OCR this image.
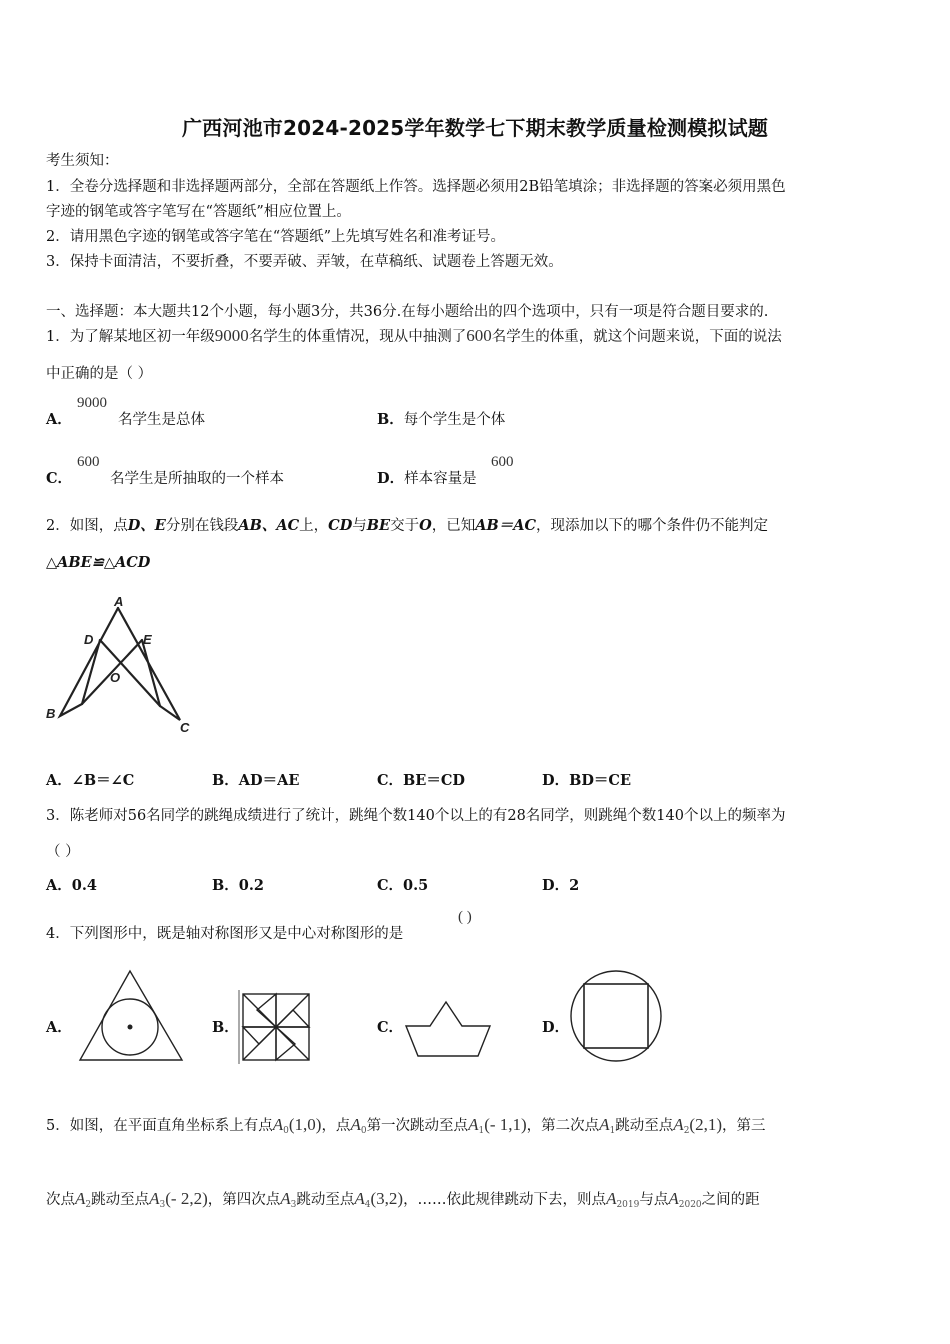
广西河池市2024-2025学年数学七下期末教学质量检测模拟试题
考生须知：
1．全卷分选择题和非选择题两部分，全部在答题纸上作答。选择题必须用2B铅笔填涂；非选择题的答案必须用黑色
字迹的钢笔或答字笔写在“答题纸”相应位置上。
2．请用黑色字迹的钢笔或答字笔在“答题纸”上先填写姓名和准考证号。
3．保持卡面清洁，不要折叠，不要弄破、弄皱，在草稿纸、试题卷上答题无效。
一、选择题：本大题共12个小题，每小题3分，共36分.在每小题给出的四个选项中，只有一项是符合题目要求的.
1．为了解某地区初一年级9000名学生的体重情况，现从中抽测了600名学生的体重，就这个问题来说，下面的说法
中正确的是（ ）
A．
9000
名学生是总体	B．每个学生是个体
C．
600
名学生是所抽取的一个样本	D．样本容量是
600
2．如图，点D、E分别在钱段AB、AC上，CD与BE交于O，已知AB＝AC，现添加以下的哪个条件仍不能判定
△ABE≌△ACD
A
D	E
O
B
C
A．∠B＝∠C	B．AD＝AE	C．BE＝CD	D．BD＝CE
3．陈老师对56名同学的跳绳成绩进行了统计，跳绳个数140个以上的有28名同学，则跳绳个数140个以上的频率为
（ ）
A．0.4	B．0.2	C．0.5	D．2
4．下列图形中，既是轴对称图形又是中心对称图形的是
( )
A．	B．	C．	D．
5．如图，在平面直角坐标系上有点$A_0(1,0)$，点$A_0$第一次跳动至点$A_1(-$ 1,1)，第二次点$A_1$跳动至点$A_2(2,1)$，第三
次点$A_2$跳动至点$A_3(-$ 2,2)，第四次点$A_3$跳动至点$A_4(3,2)$，……依此规律跳动下去，则点$A_{2019}$与点$A_{2020}$之间的距
